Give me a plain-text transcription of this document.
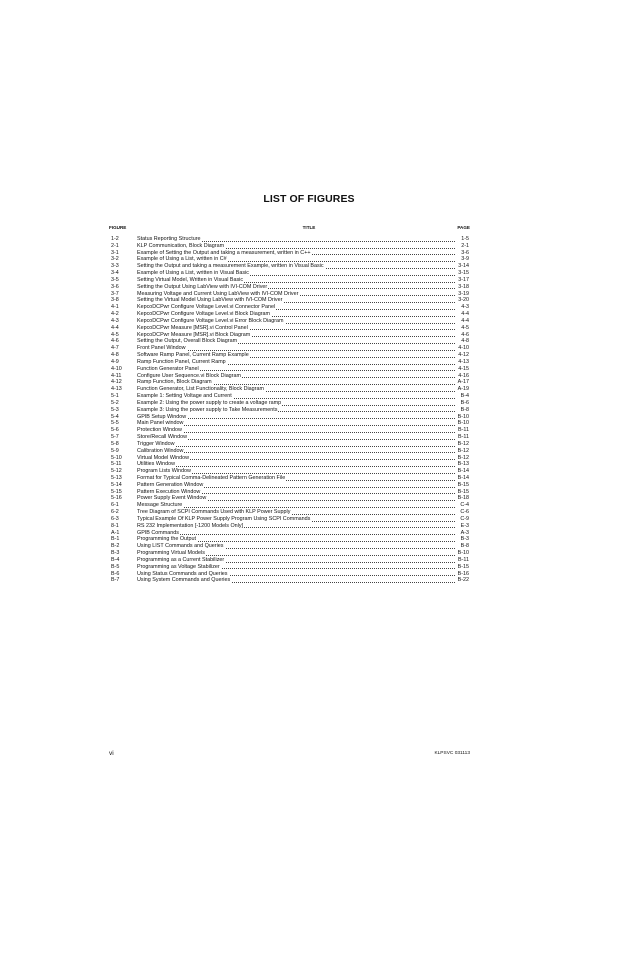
LIST OF FIGURES
FIGURE	TITLE	PAGE
1-2	Status Reporting Structure	1-5
2-1	KLP Communication, Block Diagram	2-1
3-1	Example of Setting the Output and taking a measurement, written in C++	3-6
3-2	Example of Using a List, written in C#	3-9
3-3	Setting the Output and taking a measurement Example, written in Visual Basic	3-14
3-4	Example of Using a List, written in Visual Basic	3-15
3-5	Setting Virtual Model, Written in Visual Basic	3-17
3-6	Setting the Output Using LabView with IVI-COM Driver	3-18
3-7	Measuring Voltage and Current Using LabView with IVI-COM Driver	3-19
3-8	Setting the Virtual Model Using LabView with IVI-COM Driver	3-20
4-1	KepcoDCPwr Configure Voltage Level.vi Connector Panel	4-3
4-2	KepcoDCPwr Configure Voltage Level.vi Block Diagram	4-4
4-3	KepcoDCPwr Configure Voltage Level.vi Error Block Diagram	4-4
4-4	KepcoDCPwr Measure [MSR].vi Control Panel	4-5
4-5	KepcoDCPwr Measure [MSR].vi Block Diagram	4-6
4-6	Setting the Output, Overall Block Diagram	4-8
4-7	Front Panel Window	4-10
4-8	Software Ramp Panel, Current Ramp Example	4-12
4-9	Ramp Function Panel, Current Ramp	4-13
4-10	Function Generator Panel	4-15
4-11	Configure User Sequence.vi Block Diagram	4-16
4-12	Ramp Function, Block Diagram	A-17
4-13	Function Generator, List Functionality, Block Diagram	A-19
5-1	Example 1: Setting Voltage and Current	B-4
5-2	Example 2: Using the power supply to create a voltage ramp	B-6
5-3	Example 3: Using the power supply to Take Measurements	B-8
5-4	GPIB Setup Window	B-10
5-5	Main Panel window	B-10
5-6	Protection Window	B-11
5-7	Store/Recall Window	B-11
5-8	Trigger Window	B-12
5-9	Calibration Window	B-12
5-10	Virtual Model Window	B-12
5-11	Utilities Window	B-13
5-12	Program Lists Window	B-14
5-13	Format for Typical Comma-Delineated Pattern Generation File	B-14
5-14	Pattern Generation Window	B-15
5-15	Pattern Execution Window	B-15
5-16	Power Supply Event Window	B-18
6-1	Message Structure	C-4
6-2	Tree Diagram of SCPI Commands Used with KLP Power Supply	C-6
6-3	Typical Example Of KLP Power Supply Program Using SCPI Commands	C-9
8-1	RS 232 Implementation [-1200 Models Only]	E-3
A-1	GPIB Commands	A-3
B-1	Programming the Output	B-3
B-2	Using LIST Commands and Queries	B-8
B-3	Programming Virtual Models	B-10
B-4	Programming as a Current Stabilizer	B-11
B-5	Programming as Voltage Stabilizer	B-15
B-6	Using Status Commands and Queries	B-16
B-7	Using System Commands and Queries	B-22
vi	KLPSVC 031113
